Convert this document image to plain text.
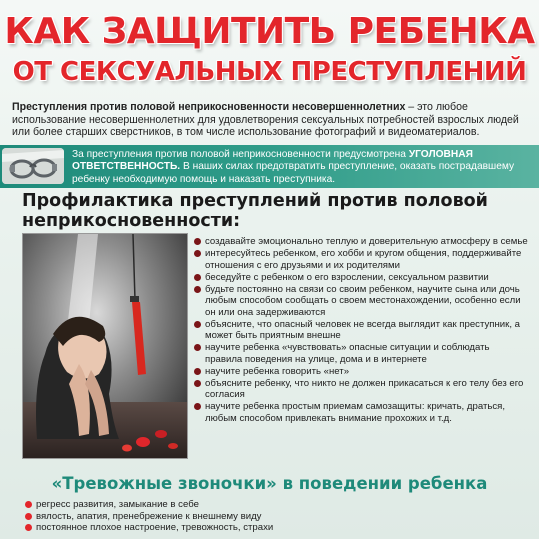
КАК ЗАЩИТИТЬ РЕБЕНКА
ОТ СЕКСУАЛЬНЫХ ПРЕСТУПЛЕНИЙ
Преступления против половой неприкосновенности несовершеннолетних – это любое использование несовершеннолетних для удовлетворения сексуальных потребностей взрослых людей или более старших сверстников, в том числе использование фотографий и видеоматериалов.
За преступления против половой неприкосновенности предусмотрена УГОЛОВНАЯ ОТВЕТСТВЕННОСТЬ. В наших силах предотвратить преступление, оказать пострадавшему ребенку необходимую помощь и наказать преступника.
Профилактика преступлений против половой неприкосновенности:
создавайте эмоционально теплую и доверительную атмосферу в семье
интересуйтесь ребенком, его хобби и кругом общения, поддерживайте отношения с его друзьями и их родителями
беседуйте с ребенком о его взрослении, сексуальном развитии
будьте постоянно на связи со своим ребенком, научите сына или дочь любым способом сообщать о своем местонахождении, особенно если он или она задерживаются
объясните, что опасный человек не всегда выглядит как преступник, а может быть приятным внешне
научите ребенка «чувствовать» опасные ситуации и соблюдать правила поведения на улице, дома и в интернете
научите ребенка говорить «нет»
объясните ребенку, что никто не должен прикасаться к его телу без его согласия
научите ребенка простым приемам самозащиты: кричать, драться, любым способом привлекать внимание прохожих и т.д.
«Тревожные звоночки» в поведении ребенка
регресс развития, замыкание в себе
вялость, апатия, пренебрежение к внешнему виду
постоянное плохое настроение, тревожность, страхи
